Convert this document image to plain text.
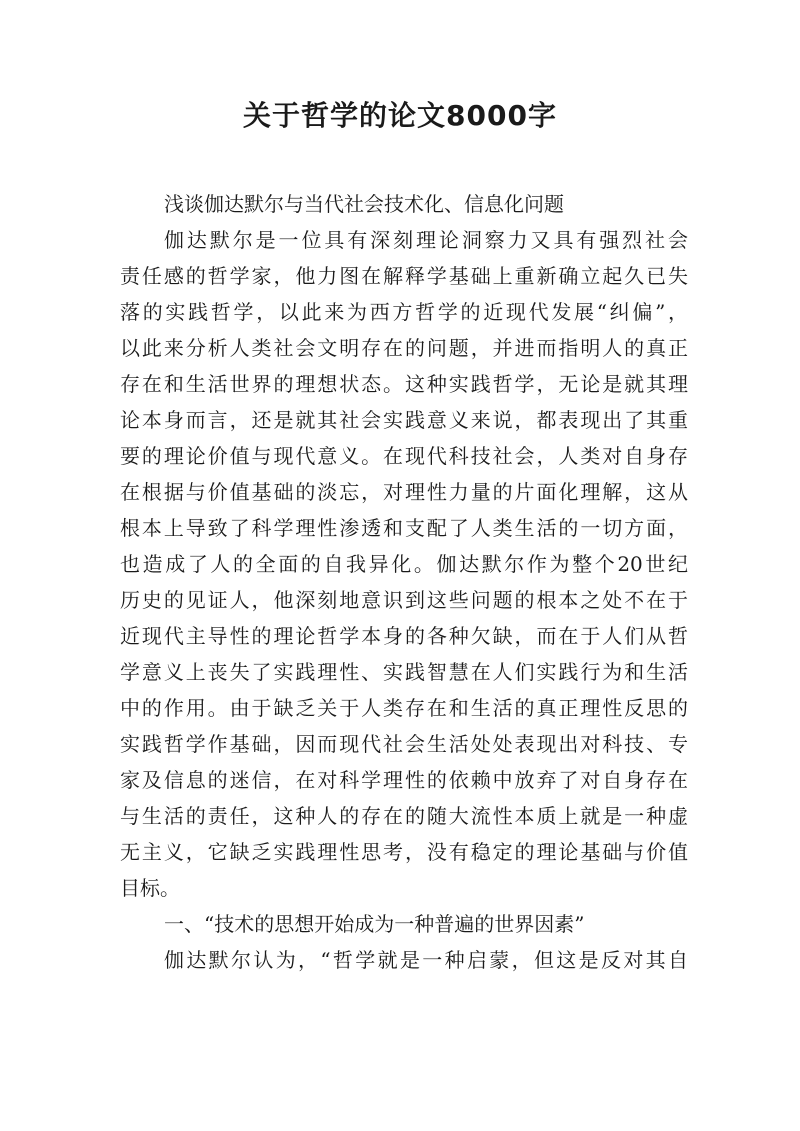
关于哲学的论文8000字
浅谈伽达默尔与当代社会技术化、信息化问题
伽达默尔是一位具有深刻理论洞察力又具有强烈社会
责任感的哲学家，他力图在解释学基础上重新确立起久已失
落的实践哲学，以此来为西方哲学的近现代发展“纠偏”，
以此来分析人类社会文明存在的问题，并进而指明人的真正
存在和生活世界的理想状态。这种实践哲学，无论是就其理
论本身而言，还是就其社会实践意义来说，都表现出了其重
要的理论价值与现代意义。在现代科技社会，人类对自身存
在根据与价值基础的淡忘，对理性力量的片面化理解，这从
根本上导致了科学理性渗透和支配了人类生活的一切方面，
也造成了人的全面的自我异化。伽达默尔作为整个20世纪
历史的见证人，他深刻地意识到这些问题的根本之处不在于
近现代主导性的理论哲学本身的各种欠缺，而在于人们从哲
学意义上丧失了实践理性、实践智慧在人们实践行为和生活
中的作用。由于缺乏关于人类存在和生活的真正理性反思的
实践哲学作基础，因而现代社会生活处处表现出对科技、专
家及信息的迷信，在对科学理性的依赖中放弃了对自身存在
与生活的责任，这种人的存在的随大流性本质上就是一种虚
无主义，它缺乏实践理性思考，没有稳定的理论基础与价值
目标。
一、“技术的思想开始成为一种普遍的世界因素”
伽达默尔认为，“哲学就是一种启蒙，但这是反对其自
